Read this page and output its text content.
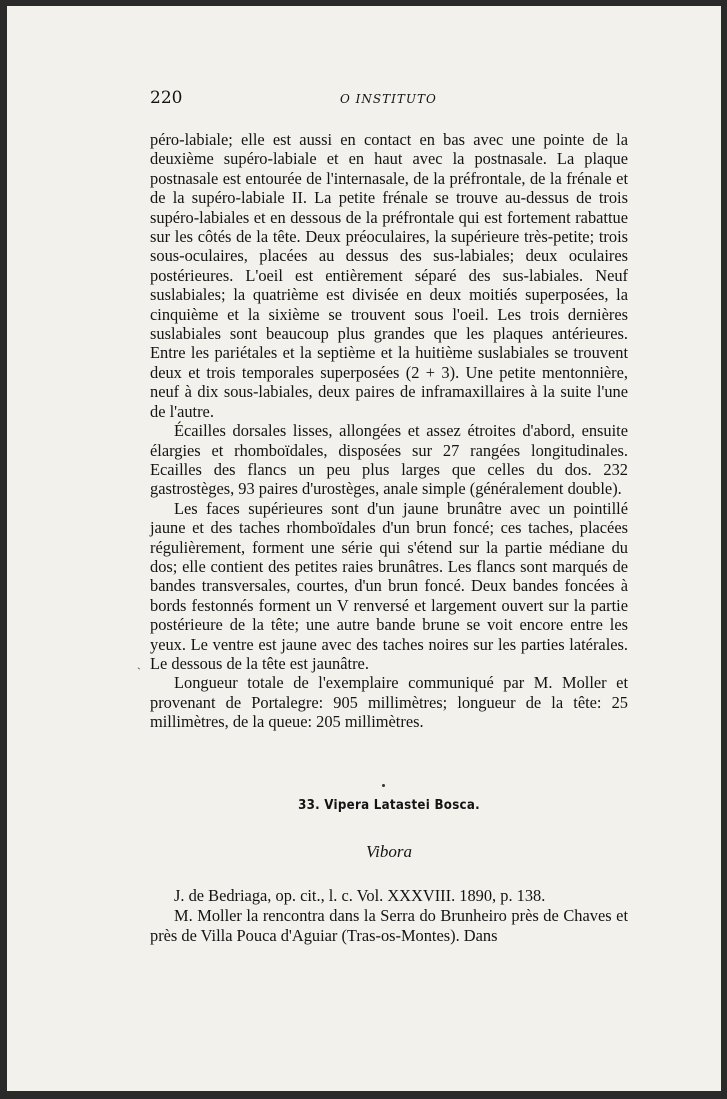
220	O INSTITUTO

péro-labiale; elle est aussi en contact en bas avec une pointe de la deuxième supéro-labiale et en haut avec la postnasale. La plaque postnasale est entourée de l'internasale, de la préfrontale, de la frénale et de la supéro-labiale II. La petite frénale se trouve au-dessus de trois supéro-labiales et en dessous de la préfrontale qui est fortement rabattue sur les côtés de la tête. Deux préoculaires, la supérieure très-petite; trois sous-oculaires, placées au dessus des sus-labiales; deux oculaires postérieures. L'oeil est entièrement séparé des sus-labiales. Neuf suslabiales; la quatrième est divisée en deux moitiés superposées, la cinquième et la sixième se trouvent sous l'oeil. Les trois dernières suslabiales sont beaucoup plus grandes que les plaques antérieures. Entre les pariétales et la septième et la huitième suslabiales se trouvent deux et trois temporales superposées (2 + 3). Une petite mentonnière, neuf à dix sous-labiales, deux paires de inframaxillaires à la suite l'une de l'autre.

Écailles dorsales lisses, allongées et assez étroites d'abord, ensuite élargies et rhomboïdales, disposées sur 27 rangées longitudinales. Ecailles des flancs un peu plus larges que celles du dos. 232 gastrostèges, 93 paires d'urostèges, anale simple (généralement double).

Les faces supérieures sont d'un jaune brunâtre avec un pointillé jaune et des taches rhomboïdales d'un brun foncé; ces taches, placées régulièrement, forment une série qui s'étend sur la partie médiane du dos; elle contient des petites raies brunâtres. Les flancs sont marqués de bandes transversales, courtes, d'un brun foncé. Deux bandes foncées à bords festonnés forment un V renversé et largement ouvert sur la partie postérieure de la tête; une autre bande brune se voit encore entre les yeux. Le ventre est jaune avec des taches noires sur les parties latérales. Le dessous de la tête est jaunâtre.

Longueur totale de l'exemplaire communiqué par M. Moller et provenant de Portalegre: 905 millimètres; longueur de la tête: 25 millimètres, de la queue: 205 millimètres.

ˏ
33. Vipera Latastei Bosca.
Vibora

J. de Bedriaga, op. cit., l. c. Vol. XXXVIII. 1890, p. 138.

M. Moller la rencontra dans la Serra do Brunheiro près de Chaves et près de Villa Pouca d'Aguiar (Tras-os-Montes). Dans
